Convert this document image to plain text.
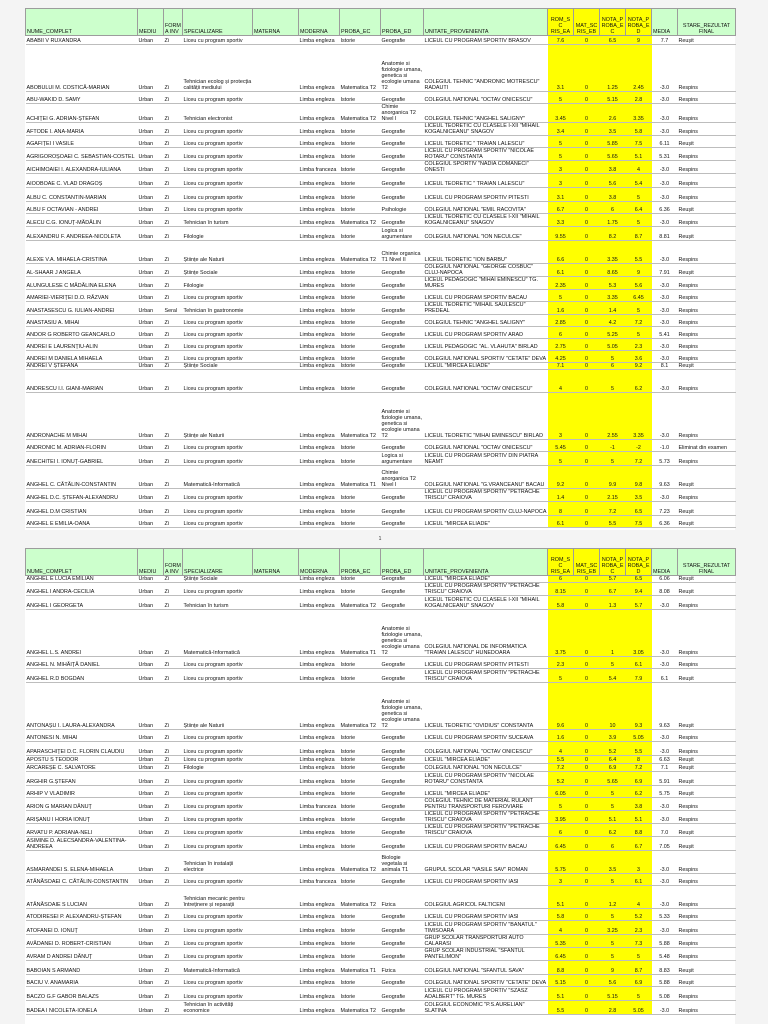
NUME_COMPLET	MEDIU	FORMA INV	SPECIALIZARE	MATERNA	MODERNA	PROBA_EC	PROBA_ED	UNITATE_PROVENIENTA	ROM_SC RIS_EA	MAT_SC RIS_EB	NOTA_P ROBA_E C	NOTA_P ROBA_E D	MEDIA	STARE_REZULTAT FINAL
ABABII V RUXANDRA	Urban	Zi	Liceu cu program sportiv		Limba engleza	Istorie	Geografie	LICEUL CU PROGRAM SPORTIV BRASOV	7.6	0	6.5	9	7.7	Reușit
ABOBULUI M. COSTICĂ-MARIAN	Urban	Zi	Tehnician ecolog și protecția calității mediului		Limba engleza	Matematica T2	Anatomie si fiziologie umana, genetica si ecologie umana T2	COLEGIUL TEHNIC "ANDRONIC MOTRESCU" RADAUTI	3.1	0	1.25	2.45	-3.0	Respins
ABU-WAKID D. SAMY	Urban	Zi	Liceu cu program sportiv		Limba engleza	Istorie	Geografie	COLEGIUL NATIONAL "OCTAV ONICESCU"	5	0	5.15	2.8	-3.0	Respins
ACHIȚEI G. ADRIAN-ȘTEFAN	Urban	Zi	Tehnician electronist		Limba engleza	Matematica T2	Chimie anorganica T2 Nivel I	COLEGIUL TEHNIC "ANGHEL SALIGNY"	3.45	0	2.6	3.35	-3.0	Respins
AFTODE I. ANA-MARIA	Urban	Zi	Liceu cu program sportiv		Limba engleza	Istorie	Geografie	LICEUL TEORETIC CU CLASELE I-XII "MIHAIL KOGALNICEANU" SNAGOV	3.4	0	3.5	5.8	-3.0	Respins
AGAFIȚEI I VASILE	Urban	Zi	Liceu cu program sportiv		Limba engleza	Istorie	Geografie	LICEUL TEORETIC " TRAIAN LALESCU"	5	0	5.85	7.5	6.11	Reușit
AGRIGOROȘOAEI C. SEBASTIAN-COSTEL	Urban	Zi	Liceu cu program sportiv		Limba engleza	Istorie	Geografie	LICEUL CU PROGRAM SPORTIV "NICOLAE ROTARU" CONSTANTA	5	0	5.65	5.1	5.31	Respins
AICHIMOAIEI I. ALEXANDRA-IULIANA	Urban	Zi	Liceu cu program sportiv		Limba franceza	Istorie	Geografie	COLEGIUL SPORTIV "NADIA COMANECI" ONESTI	3	0	3.8	4	-3.0	Respins
AIOOBOAE C. VLAD DRAGOȘ	Urban	Zi	Liceu cu program sportiv		Limba engleza	Istorie	Geografie	LICEUL TEORETIC " TRAIAN LALESCU"	3	0	5.6	5.4	-3.0	Respins
ALBU C. CONSTANTIN-MARIAN	Urban	Zi	Liceu cu program sportiv		Limba engleza	Istorie	Geografie	LICEUL CU PROGRAM SPORTIV PITESTI	3.1	0	3.8	5	-3.0	Respins
ALBU F OCTAVIAN - ANDREI	Urban	Zi	Liceu cu program sportiv		Limba engleza	Istorie	Psihologie	COLEGIUL NATIONAL "EMIL RACOVITA"	6.7	0	6	6.4	6.36	Reușit
ALECU C.G. IONUȚ-MĂDĂLIN	Urban	Zi	Tehnician în turism		Limba engleza	Matematica T2	Geografie	LICEUL TEORETIC CU CLASELE I-XII "MIHAIL KOGALNICEANU" SNAGOV	3.3	0	1.75	5	-3.0	Respins
ALEXANDRU F. ANDREEA-NICOLETA	Urban	Zi	Filologie		Limba engleza	Istorie	Logica si argumentare	COLEGIUL NATIONAL "ION NECULCE"	9.55	0	8.2	8.7	8.81	Reușit
ALEXE V.A. MIHAELA-CRISTINA	Urban	Zi	Științe ale Naturii		Limba engleza	Matematica T2	Chimie organica T1 Nivel II	LICEUL TEORETIC "ION BARBU"	6.6	0	3.35	5.5	-3.0	Respins
AL-SHAAR J ANGELA	Urban	Zi	Științe Sociale		Limba engleza	Istorie	Geografie	COLEGIUL NATIONAL "GEORGE COSBUC" CLUJ-NAPOCA	6.1	0	8.65	9	7.91	Reușit
ALUNGULESE C MĂDĂLINA ELENA	Urban	Zi	Filologie		Limba engleza	Istorie	Geografie	LICEUL PEDAGOGIC "MIHAI EMINESCU" TG. MURES	2.35	0	5.3	5.6	-3.0	Respins
AMARIEI-VIERIȚEI D.O. RĂZVAN	Urban	Zi	Liceu cu program sportiv		Limba engleza	Istorie	Geografie	LICEUL CU PROGRAM SPORTIV BACAU	5	0	3.35	6.45	-3.0	Respins
ANASTASESCU G. IULIAN-ANDREI	Urban	Seral	Tehnician în gastronomie		Limba engleza	Istorie	Geografie	LICEUL TEORETIC "MIHAIL SAULESCU" PREDEAL	1.6	0	1.4	5	-3.0	Respins
ANASTASIU A. MIHAI	Urban	Zi	Liceu cu program sportiv		Limba engleza	Istorie	Geografie	COLEGIUL TEHNIC "ANGHEL SALIGNY"	2.85	0	4.2	7.2	-3.0	Respins
ANDOR G ROBERTO GEANCARLO	Urban	Zi	Liceu cu program sportiv		Limba engleza	Istorie	Geografie	LICEUL CU PROGRAM SPORTIV ARAD	6	0	5.25	5	5.41	Respins
ANDREI E LAURENȚIU-ALIN	Urban	Zi	Liceu cu program sportiv		Limba engleza	Istorie	Geografie	LICEUL PEDAGOGIC "AL. VLAHUTA" BIRLAD	2.75	0	5.05	2.3	-3.0	Respins
ANDREI M DANIELA MIHAELA	Urban	Zi	Liceu cu program sportiv		Limba engleza	Istorie	Geografie	COLEGIUL NATIONAL SPORTIV "CETATE" DEVA	4.25	0	5	3.6	-3.0	Respins
ANDREI V ȘTEFANA	Urban	Zi	Științe Sociale		Limba engleza	Istorie	Geografie	LICEUL "MIRCEA ELIADE"	7.1	0	6	9.2	8.1	Reușit
ANDRESCU I.I. GIANI-MARIAN	Urban	Zi	Liceu cu program sportiv		Limba engleza	Istorie	Geografie	COLEGIUL NATIONAL "OCTAV ONICESCU"	4	0	5	6.2	-3.0	Respins
ANDRONACHE M MIHAI	Urban	Zi	Științe ale Naturii		Limba engleza	Matematica T2	Anatomie si fiziologie umana, genetica si ecologie umana T2	LICEUL TEORETIC "MIHAI EMINESCU" BIRLAD	3	0	2.55	3.35	-3.0	Respins
ANDRONIC M. ADRIAN-FLORIN	Urban	Zi	Liceu cu program sportiv		Limba engleza	Istorie	Geografie	COLEGIUL NATIONAL "OCTAV ONICESCU"	5.45	0	-1	-2	-1.0	Eliminat din examen
ANECHITEI I. IONUȚ-GABRIEL	Urban	Zi	Liceu cu program sportiv		Limba engleza	Istorie	Logica si argumentare	LICEUL CU PROGRAM SPORTIV DIN PIATRA NEAMT	5	0	5	7.2	5.73	Respins
ANGHEL C. CĂTĂLIN-CONSTANTIN	Urban	Zi	Matematică-Informatică		Limba engleza	Matematica T1	Chimie anorganica T2 Nivel I	COLEGIUL NATIONAL "G.VRANCEANU" BACAU	9.2	0	9.9	9.8	9.63	Reușit
ANGHEL D.C. ȘTEFAN-ALEXANDRU	Urban	Zi	Liceu cu program sportiv		Limba engleza	Istorie	Geografie	LICEUL CU PROGRAM SPORTIV "PETRACHE TRISCU" CRAIOVA	1.4	0	2.15	3.5	-3.0	Respins
ANGHEL D.M CRISTIAN	Urban	Zi	Liceu cu program sportiv		Limba engleza	Istorie	Geografie	LICEUL CU PROGRAM SPORTIV CLUJ-NAPOCA	8	0	7.2	6.5	7.23	Reușit
ANGHEL E EMILIA-OANA	Urban	Zi	Liceu cu program sportiv		Limba engleza	Istorie	Geografie	LICEUL "MIRCEA ELIADE"	6.1	0	5.5	7.5	6.36	Reușit
1
NUME_COMPLET	MEDIU	FORMA INV	SPECIALIZARE	MATERNA	MODERNA	PROBA_EC	PROBA_ED	UNITATE_PROVENIENTA	ROM_SC RIS_EA	MAT_SC RIS_EB	NOTA_P ROBA_E C	NOTA_P ROBA_E D	MEDIA	STARE_REZULTAT FINAL
ANGHEL E LUCIA EMILIAN	Urban	Zi	Științe Sociale		Limba engleza	Istorie	Geografie	LICEUL "MIRCEA ELIADE"	6	0	5.7	6.5	6.06	Reușit
ANGHEL I ANDRA-CECILIA	Urban	Zi	Liceu cu program sportiv		Limba engleza	Istorie	Geografie	LICEUL CU PROGRAM SPORTIV "PETRACHE TRISCU" CRAIOVA	8.15	0	6.7	9.4	8.08	Reușit
ANGHEL I GEORGETA	Urban	Zi	Tehnician în turism		Limba engleza	Matematica T2	Geografie	LICEUL TEORETIC CU CLASELE I-XII "MIHAIL KOGALNICEANU" SNAGOV	5.8	0	1.3	5.7	-3.0	Respins
ANGHEL L.S. ANDREI	Urban	Zi	Matematică-Informatică		Limba engleza	Matematica T1	Anatomie si fiziologie umana, genetica si ecologie umana T2	COLEGIUL NATIONAL DE INFORMATICA "TRAIAN LALESCU" HUNEDOARA	3.75	0	1	3.05	-3.0	Respins
ANGHEL N. MIHĂIȚĂ DANIEL	Urban	Zi	Liceu cu program sportiv		Limba engleza	Istorie	Geografie	LICEUL CU PROGRAM SPORTIV PITESTI	2.3	0	5	6.1	-3.0	Respins
ANGHEL R.D BOGDAN	Urban	Zi	Liceu cu program sportiv		Limba engleza	Istorie	Geografie	LICEUL CU PROGRAM SPORTIV "PETRACHE TRISCU" CRAIOVA	5	0	5.4	7.9	6.1	Reușit
ANTONAȘU I. LAURA-ALEXANDRA	Urban	Zi	Științe ale Naturii		Limba engleza	Matematica T2	Anatomie si fiziologie umana, genetica si ecologie umana T2	LICEUL TEORETIC "OVIDIUS" CONSTANTA	9.6	0	10	9.3	9.63	Reușit
ANTONESI N. MIHAI	Urban	Zi	Liceu cu program sportiv		Limba engleza	Istorie	Geografie	LICEUL CU PROGRAM SPORTIV SUCEAVA	1.6	0	3.9	5.05	-3.0	Respins
APARASCHIȚEI D.C. FLORIN CLAUDIU	Urban	Zi	Liceu cu program sportiv		Limba engleza	Istorie	Geografie	COLEGIUL NATIONAL "OCTAV ONICESCU"	4	0	5.2	5.5	-3.0	Respins
APOSTU S TEODOR	Urban	Zi	Liceu cu program sportiv		Limba engleza	Istorie	Geografie	LICEUL "MIRCEA ELIADE"	5.5	0	6.4	8	6.63	Reușit
ARCAREȘE C. SALVATORE	Urban	Zi	Filologie		Limba engleza	Istorie	Geografie	COLEGIUL NATIONAL "ION NECULCE"	7.2	0	6.9	7.2	7.1	Reușit
ARGHIR G.ȘTEFAN	Urban	Zi	Liceu cu program sportiv		Limba engleza	Istorie	Geografie	LICEUL CU PROGRAM SPORTIV "NICOLAE ROTARU" CONSTANTA	5.2	0	5.65	6.9	5.91	Reușit
ARHIP V VLADIMIR	Urban	Zi	Liceu cu program sportiv		Limba engleza	Istorie	Geografie	LICEUL "MIRCEA ELIADE"	6.05	0	5	6.2	5.75	Reușit
ARION G MARIAN DĂNUȚ	Urban	Zi	Liceu cu program sportiv		Limba franceza	Istorie	Geografie	COLEGIUL TEHNIC DE MATERIAL RULANT PENTRU TRANSPORTURI FEROVIARE	5	0	5	3.8	-3.0	Respins
ARIȘANU I HORIA IONUȚ	Urban	Zi	Liceu cu program sportiv		Limba engleza	Istorie	Geografie	LICEUL CU PROGRAM SPORTIV "PETRACHE TRISCU" CRAIOVA	3.95	0	5.1	5.1	-3.0	Respins
ARVATU P. ADRIANA-NELI	Urban	Zi	Liceu cu program sportiv		Limba engleza	Istorie	Geografie	LICEUL CU PROGRAM SPORTIV "PETRACHE TRISCU" CRAIOVA	6	0	6.2	8.8	7.0	Reușit
ASIMINE D. ALECSANDRA-VALENTINA-ANDREEA	Urban	Zi	Liceu cu program sportiv		Limba engleza	Istorie	Geografie	LICEUL CU PROGRAM SPORTIV BACAU	6.45	0	6	6.7	7.05	Reușit
ASMARANDEI S. ELENA-MIHAELA	Urban	Zi	Tehnician în instalații electrice		Limba engleza	Matematica T2	Biologie vegetala si animala T1	GRUPUL SCOLAR "VASILE SAV" ROMAN	5.75	0	3.5	3	-3.0	Respins
ATĂNĂSOAEI C. CĂTĂLIN-CONSTANTIN	Urban	Zi	Liceu cu program sportiv		Limba franceza	Istorie	Geografie	LICEUL CU PROGRAM SPORTIV IASI	3	0	5	6.1	-3.0	Respins
ATĂNĂSOAIE S LUCIAN	Urban	Zi	Tehnician mecanic pentru întreținere și reparații		Limba engleza	Matematica T2	Fizica	COLEGIUL AGRICOL FALTICENI	5.1	0	1.2	4	-3.0	Respins
ATODIRESEI P. ALEXANDRU-ȘTEFAN	Urban	Zi	Liceu cu program sportiv		Limba engleza	Istorie	Geografie	LICEUL CU PROGRAM SPORTIV IASI	5.8	0	5	5.2	5.33	Respins
ATOFANEI D. IONUȚ	Urban	Zi	Liceu cu program sportiv		Limba engleza	Istorie	Geografie	LICEUL CU PROGRAM SPORTIV "BANATUL" TIMISOARA	4	0	3.25	2.3	-3.0	Respins
AVĂDANEI D. ROBERT-CRISTIAN	Urban	Zi	Liceu cu program sportiv		Limba engleza	Istorie	Geografie	GRUP SCOLAR TRANSPORTURI AUTO CALARASI	5.35	0	5	7.3	5.88	Respins
AVRAM D ANDREI DĂNUȚ	Urban	Zi	Liceu cu program sportiv		Limba engleza	Istorie	Geografie	GRUP SCOLAR INDUSTRIAL "SFANTUL PANTELIMON"	6.45	0	5	5	5.48	Respins
BABOIAN S ARMAND	Urban	Zi	Matematică-Informatică		Limba engleza	Matematica T1	Fizica	COLEGIUL NATIONAL "SFANTUL SAVA"	8.8	0	9	8.7	8.83	Reușit
BACIU V. ANAMARIA	Urban	Zi	Liceu cu program sportiv		Limba engleza	Istorie	Geografie	COLEGIUL NATIONAL SPORTIV "CETATE" DEVA	5.15	0	5.6	6.9	5.88	Reușit
BACZO G.F GABOR BALAZS	Urban	Zi	Liceu cu program sportiv		Limba engleza	Istorie	Geografie	LICEUL CU PROGRAM SPORTIV "SZASZ ADALBERT" TG. MURES	5.1	0	5.15	5	5.08	Respins
BADEA I NICOLETA-IONELA	Urban	Zi	Tehnician în activități economice		Limba engleza	Matematica T2	Geografie	COLEGIUL ECONOMIC "P.S.AURELIAN" SLATINA	5.5	0	2.8	5.05	-3.0	Respins
